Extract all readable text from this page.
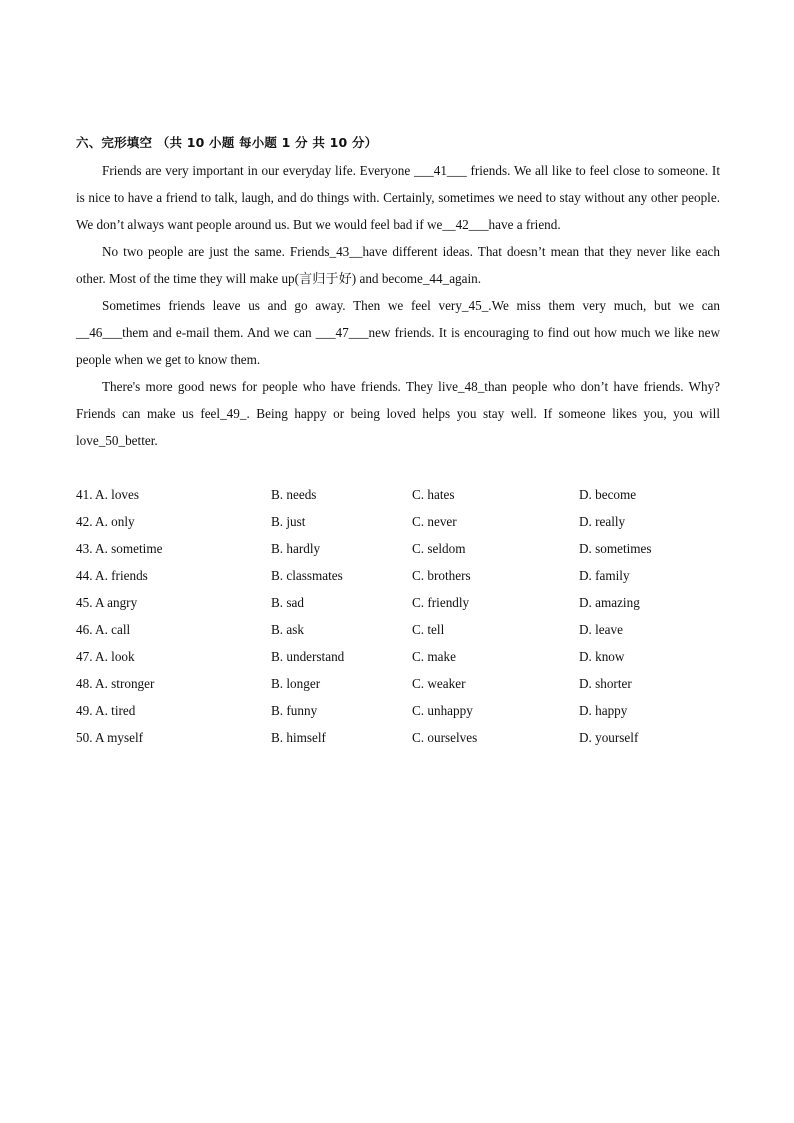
六、完形填空 （共 10 小题 每小题 1 分 共 10 分）

Friends are very important in our everyday life. Everyone ___41___ friends. We all like to feel close to someone. It is nice to have a friend to talk, laugh, and do things with. Certainly, sometimes we need to stay without any other people. We don’t always want people around us. But we would feel bad if we__42___have a friend.

No two people are just the same. Friends_43__have different ideas. That doesn’t mean that they never like each other. Most of the time they will make up(言归于好) and become_44_again.

Sometimes friends leave us and go away. Then we feel very_45_.We miss them very much, but we can __46___them and e-mail them. And we can ___47___new friends. It is encouraging to find out how much we like new people when we get to know them.

There's more good news for people who have friends. They live_48_than people who don’t have friends. Why? Friends can make us feel_49_. Being happy or being loved helps you stay well. If someone likes you, you will love_50_better.

41. A. loves	B. needs	C. hates	D. become
42. A. only	B. just	C. never	D. really
43. A. sometime	B. hardly	C. seldom	D. sometimes
44. A. friends	B. classmates	C. brothers	D. family
45. A angry	B. sad	C. friendly	D. amazing
46. A. call	B. ask	C. tell	D. leave
47. A. look	B. understand	C. make	D. know
48. A. stronger	B. longer	C. weaker	D. shorter
49. A. tired	B. funny	C. unhappy	D. happy
50. A myself	B. himself	C. ourselves	D. yourself
